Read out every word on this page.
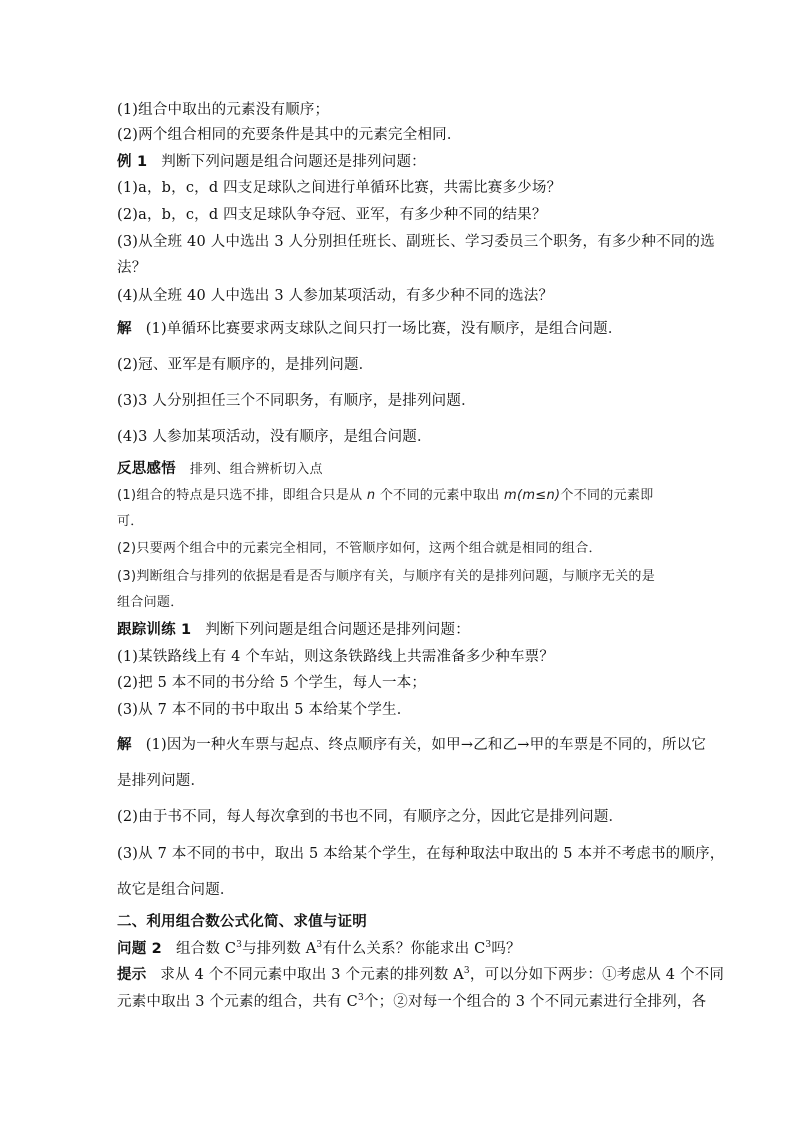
(1)组合中取出的元素没有顺序；
(2)两个组合相同的充要条件是其中的元素完全相同．
例 1 判断下列问题是组合问题还是排列问题：
(1)a，b，c，d 四支足球队之间进行单循环比赛，共需比赛多少场？
(2)a，b，c，d 四支足球队争夺冠、亚军，有多少种不同的结果？
(3)从全班 40 人中选出 3 人分别担任班长、副班长、学习委员三个职务，有多少种不同的选
法？
(4)从全班 40 人中选出 3 人参加某项活动，有多少种不同的选法？
解 (1)单循环比赛要求两支球队之间只打一场比赛，没有顺序，是组合问题．
(2)冠、亚军是有顺序的，是排列问题．
(3)3 人分别担任三个不同职务，有顺序，是排列问题．
(4)3 人参加某项活动，没有顺序，是组合问题．
反思感悟 排列、组合辨析切入点
(1)组合的特点是只选不排，即组合只是从 n 个不同的元素中取出 m(m≤n)个不同的元素即
可．
(2)只要两个组合中的元素完全相同，不管顺序如何，这两个组合就是相同的组合．
(3)判断组合与排列的依据是看是否与顺序有关，与顺序有关的是排列问题，与顺序无关的是
组合问题．
跟踪训练 1 判断下列问题是组合问题还是排列问题：
(1)某铁路线上有 4 个车站，则这条铁路线上共需准备多少种车票？
(2)把 5 本不同的书分给 5 个学生，每人一本；
(3)从 7 本不同的书中取出 5 本给某个学生．
解 (1)因为一种火车票与起点、终点顺序有关，如甲→乙和乙→甲的车票是不同的，所以它
是排列问题．
(2)由于书不同，每人每次拿到的书也不同，有顺序之分，因此它是排列问题．
(3)从 7 本不同的书中，取出 5 本给某个学生，在每种取法中取出的 5 本并不考虑书的顺序，
故它是组合问题．
二、利用组合数公式化简、求值与证明
问题 2 组合数 $C^3$与排列数 $A^3$有什么关系？你能求出 $C^3$吗？
提示 求从 4 个不同元素中取出 3 个元素的排列数 $A^3$，可以分如下两步：①考虑从 4 个不同
元素中取出 3 个元素的组合，共有 $C^3$个；②对每一个组合的 3 个不同元素进行全排列，各
